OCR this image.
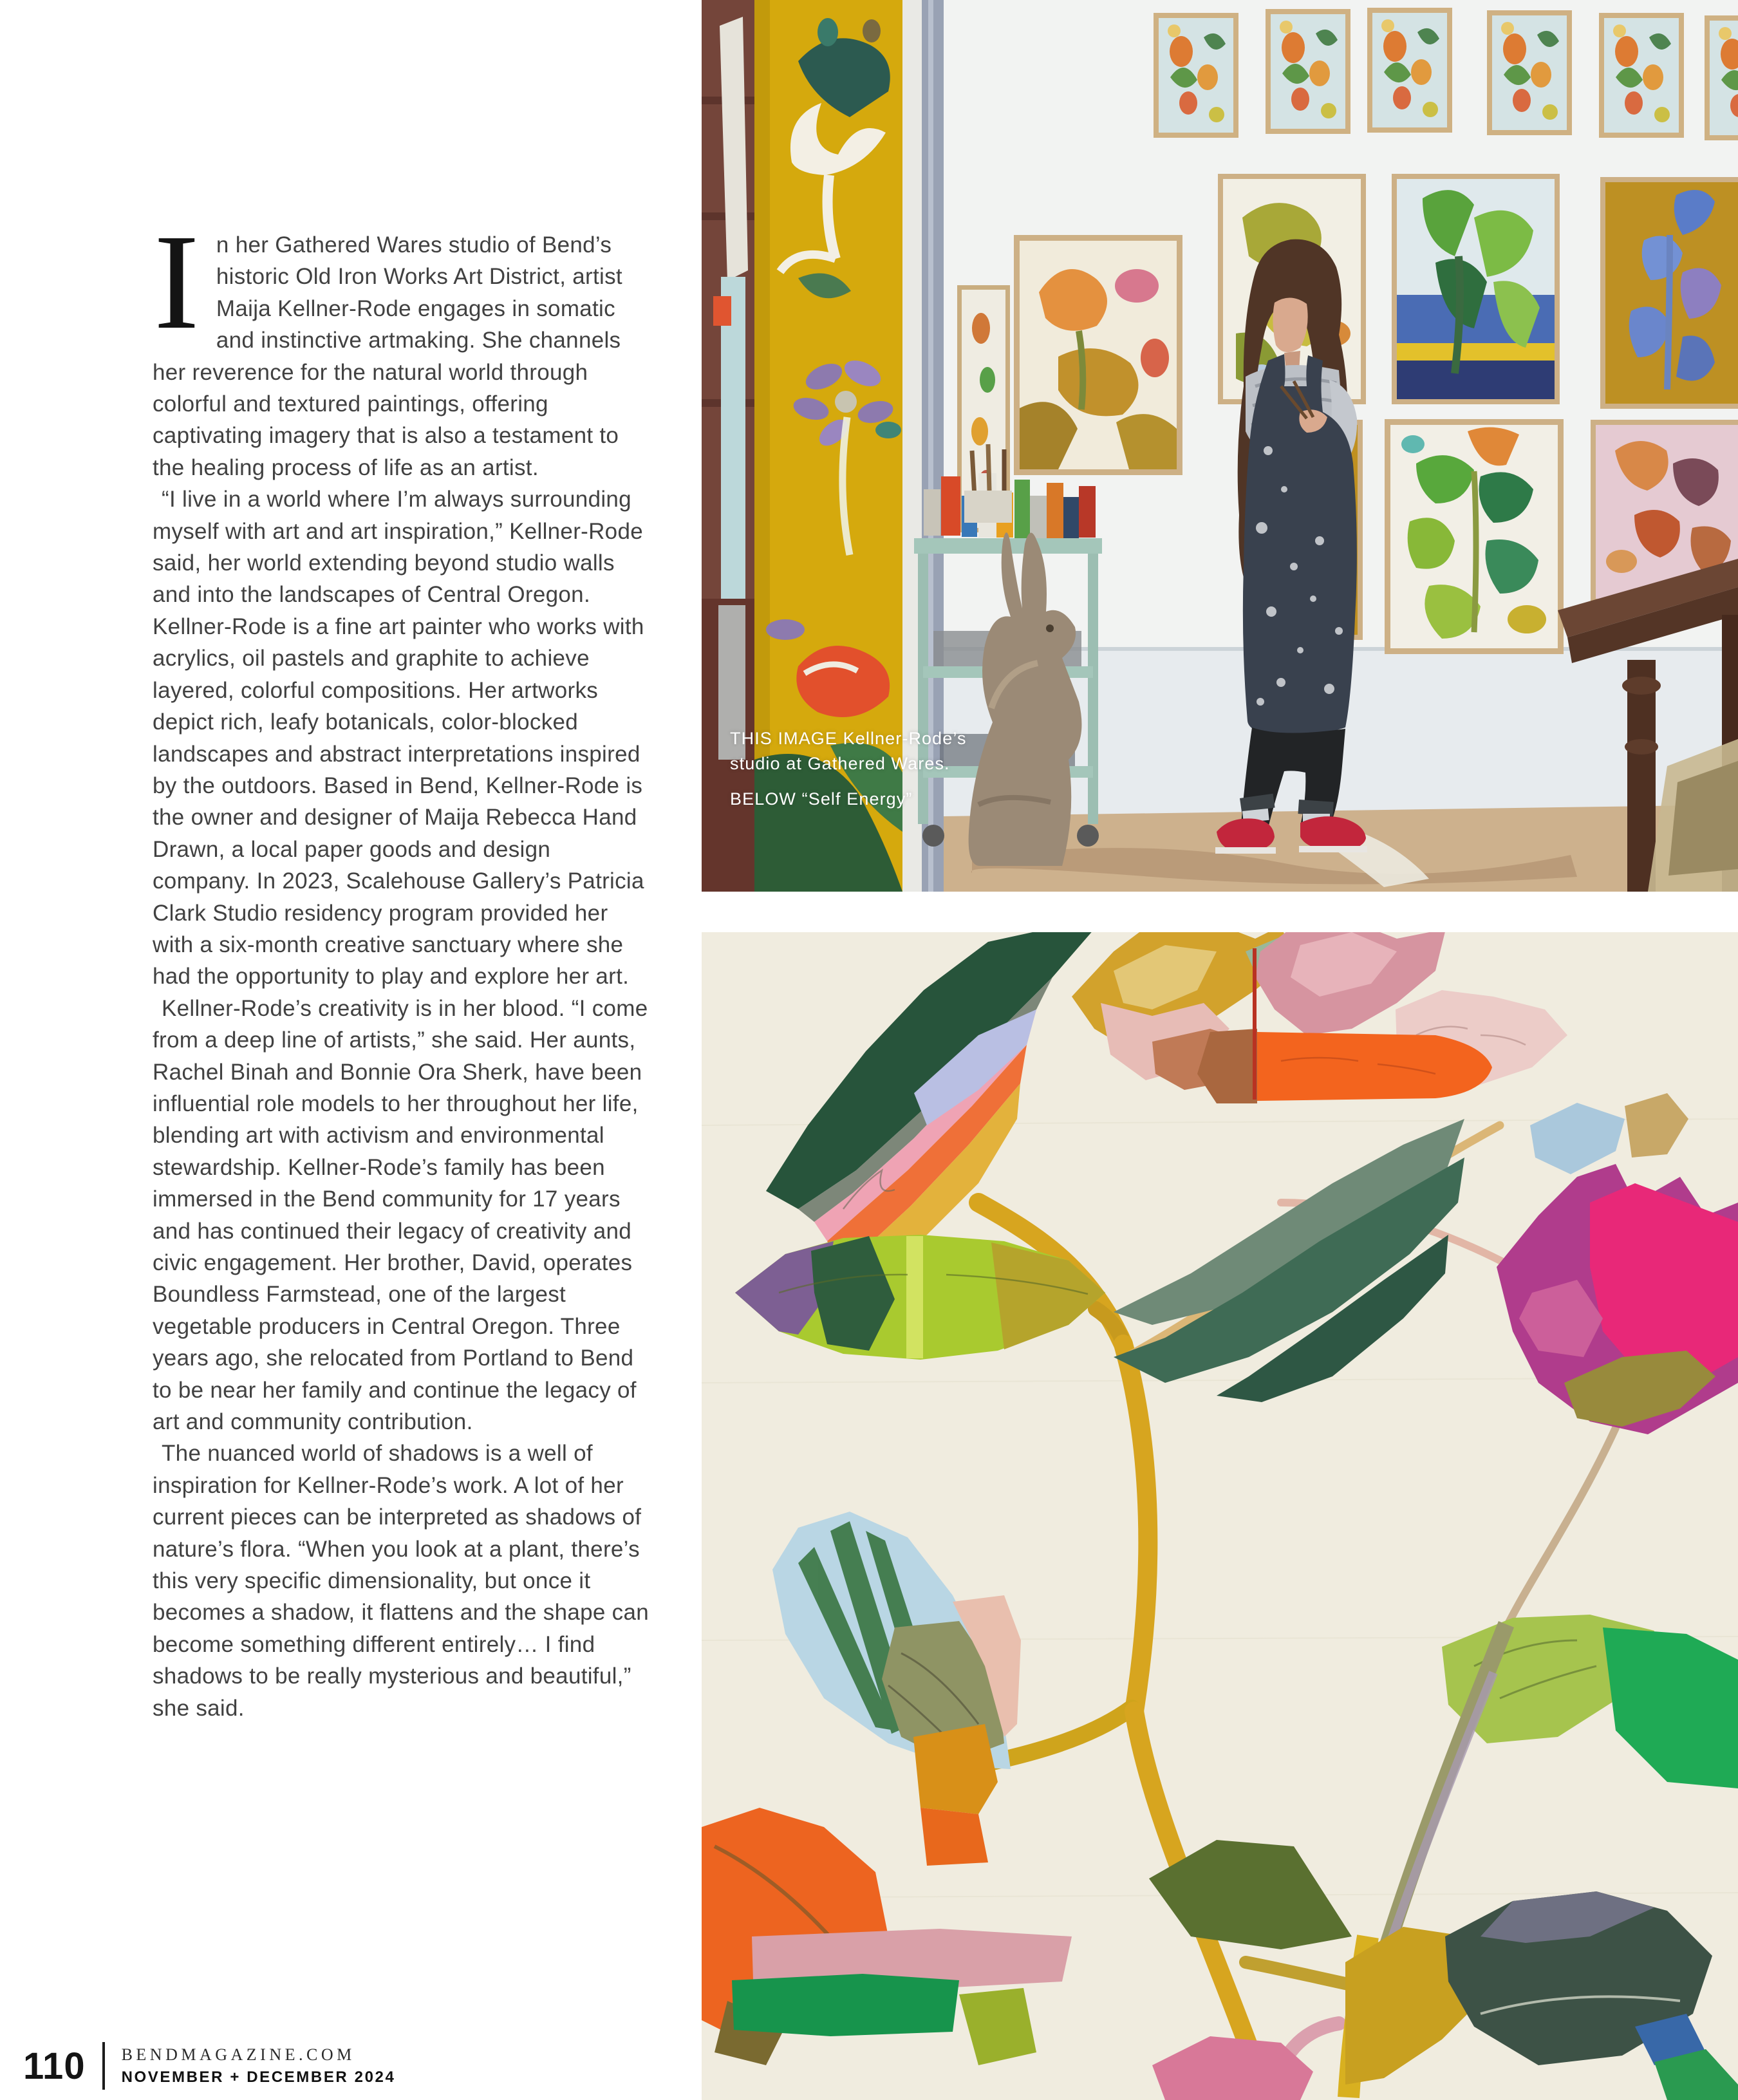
In her Gathered Wares studio of Bend’s historic Old Iron Works Art District, artist Maija Kellner-Rode engages in somatic and instinctive artmaking. She channels her reverence for the natural world through colorful and textured paintings, offering captivating imagery that is also a testament to the healing process of life as an artist.

“I live in a world where I’m always surrounding myself with art and art inspiration,” Kellner-Rode said, her world extending beyond studio walls and into the landscapes of Central Oregon. Kellner-Rode is a fine art painter who works with acrylics, oil pastels and graphite to achieve layered, colorful compositions. Her artworks depict rich, leafy botanicals, color-blocked landscapes and abstract interpretations inspired by the outdoors. Based in Bend, Kellner-Rode is the owner and designer of Maija Rebecca Hand Drawn, a local paper goods and design company. In 2023, Scalehouse Gallery’s Patricia Clark Studio residency program provided her with a six-month creative sanctuary where she had the opportunity to play and explore her art.

Kellner-Rode’s creativity is in her blood. “I come from a deep line of artists,” she said. Her aunts, Rachel Binah and Bonnie Ora Sherk, have been influential role models to her throughout her life, blending art with activism and environmental stewardship. Kellner-Rode’s family has been immersed in the Bend community for 17 years and has continued their legacy of creativity and civic engagement. Her brother, David, operates Boundless Farmstead, one of the largest vegetable producers in Central Oregon. Three years ago, she relocated from Portland to Bend to be near her family and continue the legacy of art and community contribution.

The nuanced world of shadows is a well of inspiration for Kellner-Rode’s work. A lot of her current pieces can be interpreted as shadows of nature’s flora. “When you look at a plant, there’s this very specific dimensionality, but once it becomes a shadow, it flattens and the shape can become something different entirely… I find shadows to be really mysterious and beautiful,” she said.

THIS IMAGE Kellner-Rode’s studio at Gathered Wares.

BELOW “Self Energy”

110 BENDMAGAZINE.COM
NOVEMBER + DECEMBER 2024
